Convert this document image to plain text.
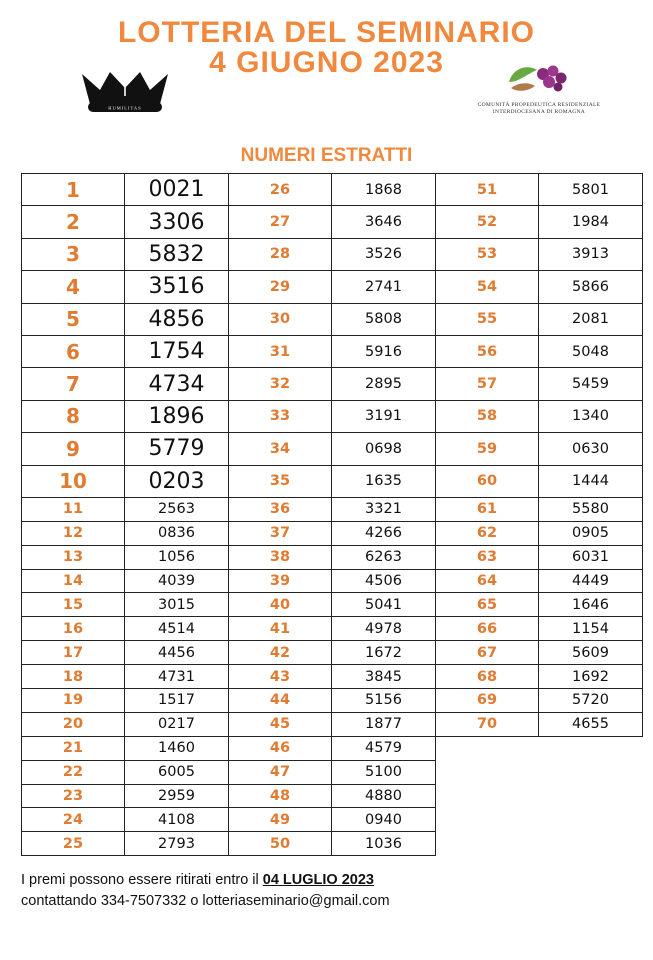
LOTTERIA DEL SEMINARIO
4 GIUGNO 2023
HUMILITAS	COMUNITÀ PROPEDEUTICA RESIDENZIALE
INTERDIOCESANA DI ROMAGNA
NUMERI ESTRATTI
1	0021
2	3306
3	5832
4	3516
5	4856
6	1754
7	4734
8	1896
9	5779
10	0203
11	2563
12	0836
13	1056
14	4039
15	3015
16	4514
17	4456
18	4731
19	1517
20	0217
21	1460
22	6005
23	2959
24	4108
25	2793
26	1868
27	3646
28	3526
29	2741
30	5808
31	5916
32	2895
33	3191
34	0698
35	1635
36	3321
37	4266
38	6263
39	4506
40	5041
41	4978
42	1672
43	3845
44	5156
45	1877
46	4579
47	5100
48	4880
49	0940
50	1036
51	5801
52	1984
53	3913
54	5866
55	2081
56	5048
57	5459
58	1340
59	0630
60	1444
61	5580
62	0905
63	6031
64	4449
65	1646
66	1154
67	5609
68	1692
69	5720
70	4655
I premi possono essere ritirati entro il 04 LUGLIO 2023
contattando 334-7507332 o lotteriaseminario@gmail.com
